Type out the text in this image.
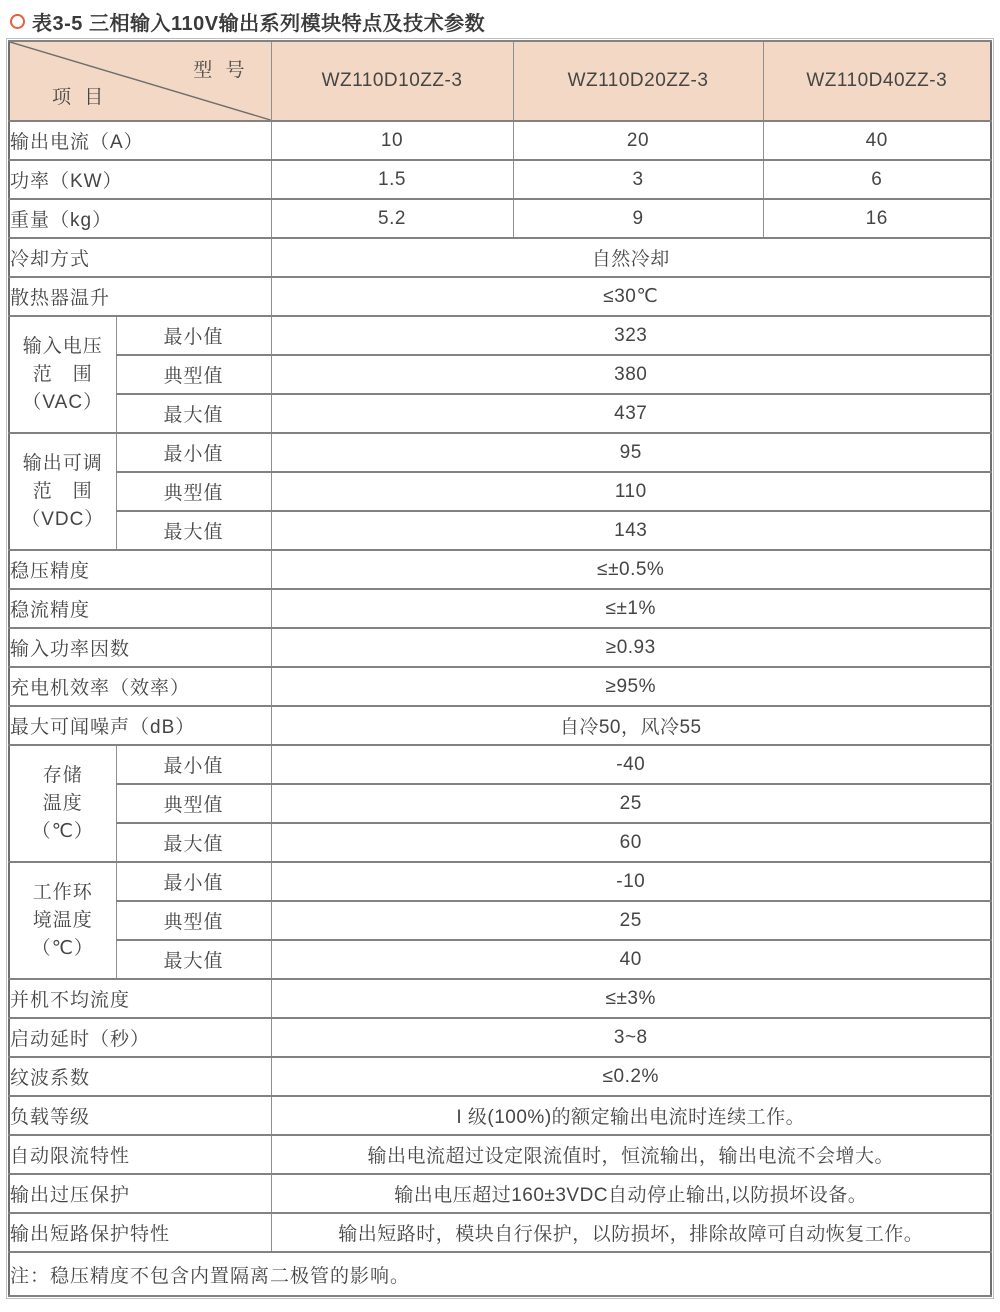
表3-5 三相输入110V输出系列模块特点及技术参数
型 号
项 目		WZ110D10ZZ-3	WZ110D20ZZ-3	WZ110D40ZZ-3
输出电流（A）		10	20	40
功率（KW）		1.5	3	6
重量（kg）		5.2	9	16
冷却方式		自然冷却		
散热器温升		≤30℃		

输入电压
范　围
（VAC）	最小值	323		
	典型值	380		
	最大值	437		

输出可调
范　围
（VDC）	最小值	95		
	典型值	110		
	最大值	143		
稳压精度		≤±0.5%		
稳流精度		≤±1%		
输入功率因数		≥0.93		
充电机效率（效率）		≥95%		
最大可闻噪声（dB）		自冷50，风冷55		

存储
温度
（℃）	最小值	-40		
	典型值	25		
	最大值	60		

工作环
境温度
（℃）	最小值	-10		
	典型值	25		
	最大值	40		
并机不均流度		≤±3%		
启动延时（秒）		3~8		
纹波系数		≤0.2%		
负载等级		I 级(100%)的额定输出电流时连续工作。		
自动限流特性		输出电流超过设定限流值时，恒流输出，输出电流不会增大。		
输出过压保护		输出电压超过160±3VDC自动停止输出,以防损坏设备。		
输出短路保护特性		输出短路时，模块自行保护，以防损坏，排除故障可自动恢复工作。		
注：稳压精度不包含内置隔离二极管的影响。				
